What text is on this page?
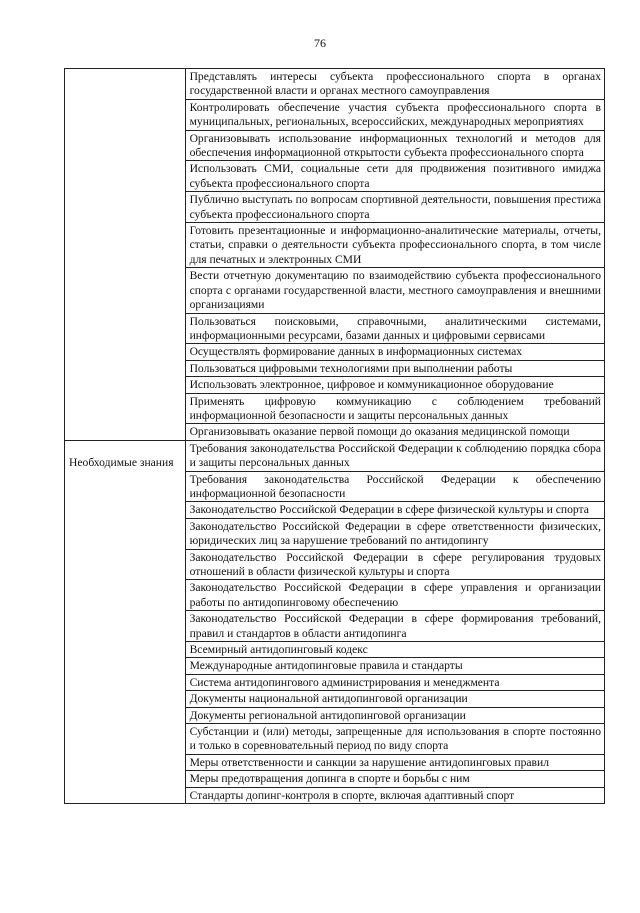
76
	Представлять интересы субъекта профессионального спорта в органах государственной власти и органах местного самоуправления
	Контролировать обеспечение участия субъекта профессионального спорта в муниципальных, региональных, всероссийских, международных мероприятиях
	Организовывать использование информационных технологий и методов для обеспечения информационной открытости субъекта профессионального спорта
	Использовать СМИ, социальные сети для продвижения позитивного имиджа субъекта профессионального спорта
	Публично выступать по вопросам спортивной деятельности, повышения престижа субъекта профессионального спорта
	Готовить презентационные и информационно-аналитические материалы, отчеты, статьи, справки о деятельности субъекта профессионального спорта, в том числе для печатных и электронных СМИ
	Вести отчетную документацию по взаимодействию субъекта профессионального спорта с органами государственной власти, местного самоуправления и внешними организациями
	Пользоваться поисковыми, справочными, аналитическими системами, информационными ресурсами, базами данных и цифровыми сервисами
	Осуществлять формирование данных в информационных системах
	Пользоваться цифровыми технологиями при выполнении работы
	Использовать электронное, цифровое и коммуникационное оборудование
	Применять цифровую коммуникацию с соблюдением требований информационной безопасности и защиты персональных данных
	Организовывать оказание первой помощи до оказания медицинской помощи

Необходимые знания	Требования законодательства Российской Федерации к соблюдению порядка сбора и защиты персональных данных
	Требования законодательства Российской Федерации к обеспечению информационной безопасности
	Законодательство Российской Федерации в сфере физической культуры и спорта
	Законодательство Российской Федерации в сфере ответственности физических, юридических лиц за нарушение требований по антидопингу
	Законодательство Российской Федерации в сфере регулирования трудовых отношений в области физической культуры и спорта
	Законодательство Российской Федерации в сфере управления и организации работы по антидопинговому обеспечению
	Законодательство Российской Федерации в сфере формирования требований, правил и стандартов в области антидопинга
	Всемирный антидопинговый кодекс
	Международные антидопинговые правила и стандарты
	Система антидопингового администрирования и менеджмента
	Документы национальной антидопинговой организации
	Документы региональной антидопинговой организации
	Субстанции и (или) методы, запрещенные для использования в спорте постоянно и только в соревновательный период по виду спорта
	Меры ответственности и санкции за нарушение антидопинговых правил
	Меры предотвращения допинга в спорте и борьбы с ним
	Стандарты допинг-контроля в спорте, включая адаптивный спорт
